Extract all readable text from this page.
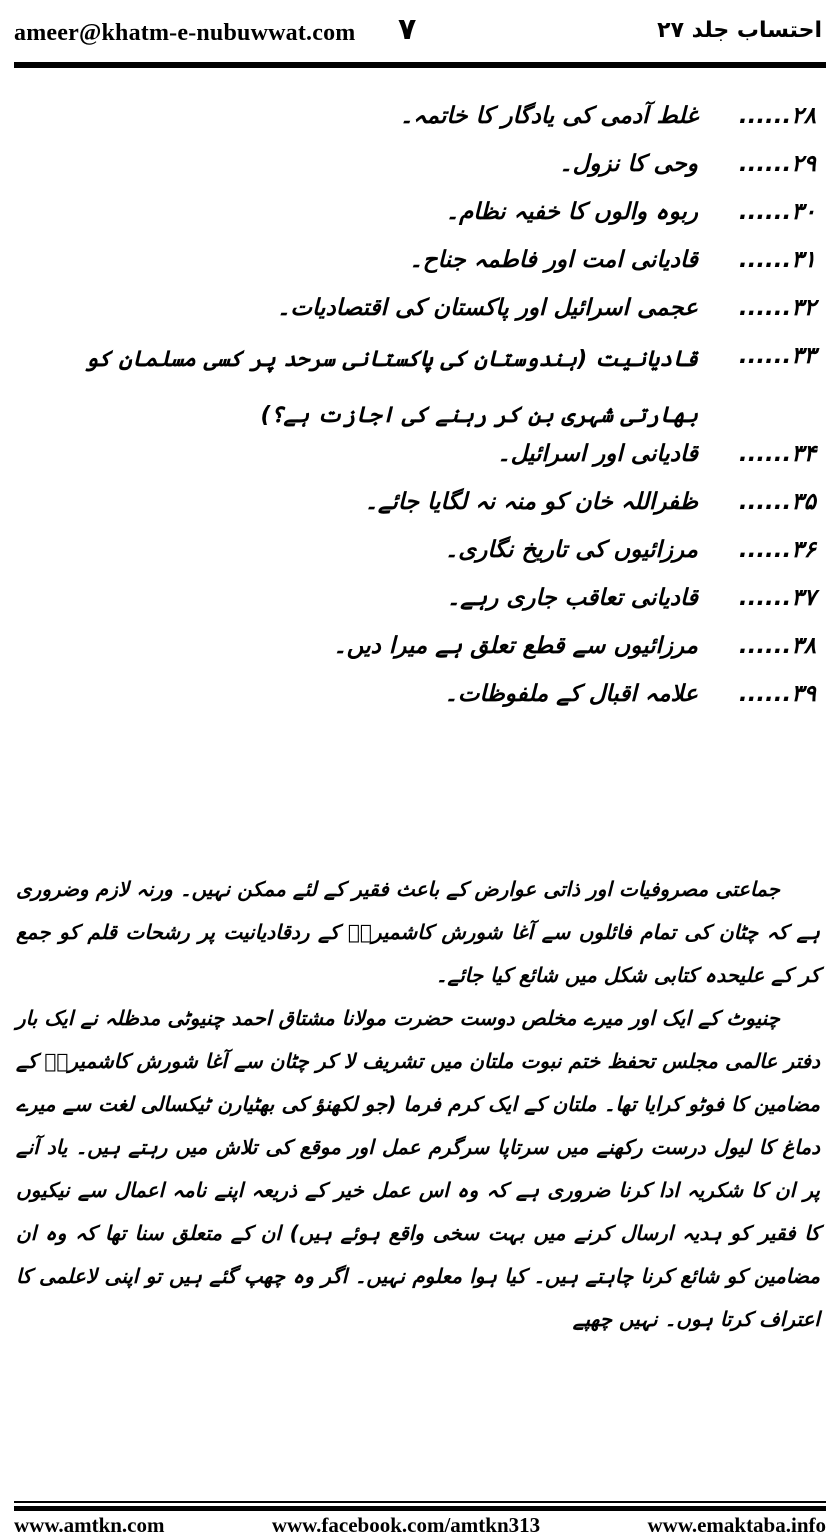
ameer@khatm-e-nubuwwat.com ۷	احتساب جلد ۲۷
۲۸......
غلط آدمی کی یادگار کا خاتمہ۔
۲۹......
وحی کا نزول۔
۳۰......
ربوہ والوں کا خفیہ نظام۔
۳۱......
قادیانی امت اور فاطمہ جناح۔
۳۲......
عجمی اسرائیل اور پاکستان کی اقتصادیات۔
۳۳......
قادیانیت (ہندوستان کی پاکستانی سرحد پر کسی مسلمان کو بھارتی شہری بن کر رہنے کی اجازت ہے؟)
۳۴......
قادیانی اور اسرائیل۔
۳۵......
ظفراللہ خان کو منہ نہ لگایا جائے۔
۳۶......
مرزائیوں کی تاریخ نگاری۔
۳۷......
قادیانی تعاقب جاری رہے۔
۳۸......
مرزائیوں سے قطع تعلق ہے میرا دیں۔
۳۹......
علامہ اقبال کے ملفوظات۔

جماعتی مصروفیات اور ذاتی عوارض کے باعث فقیر کے لئے ممکن نہیں۔ ورنہ لازم وضروری ہے کہ چٹان کی تمام فائلوں سے آغا شورش کاشمیریؒ کے ردقادیانیت پر رشحات قلم کو جمع کر کے علیحدہ کتابی شکل میں شائع کیا جائے۔

چنیوٹ کے ایک اور میرے مخلص دوست حضرت مولانا مشتاق احمد چنیوٹی مدظلہ نے ایک بار دفتر عالمی مجلس تحفظ ختم نبوت ملتان میں تشریف لا کر چٹان سے آغا شورش کاشمیریؒ کے مضامین کا فوٹو کرایا تھا۔ ملتان کے ایک کرم فرما (جو لکھنؤ کی بھٹیارن ٹیکسالی لغت سے میرے دماغ کا لیول درست رکھنے میں سرتاپا سرگرم عمل اور موقع کی تلاش میں رہتے ہیں۔ یاد آنے پر ان کا شکریہ ادا کرنا ضروری ہے کہ وہ اس عمل خیر کے ذریعہ اپنے نامہ اعمال سے نیکیوں کا فقیر کو ہدیہ ارسال کرنے میں بہت سخی واقع ہوئے ہیں) ان کے متعلق سنا تھا کہ وہ ان مضامین کو شائع کرنا چاہتے ہیں۔ کیا ہوا معلوم نہیں۔ اگر وہ چھپ گئے ہیں تو اپنی لاعلمی کا اعتراف کرتا ہوں۔ نہیں چھپے

www.amtkn.com	www.facebook.com/amtkn313	www.emaktaba.info
